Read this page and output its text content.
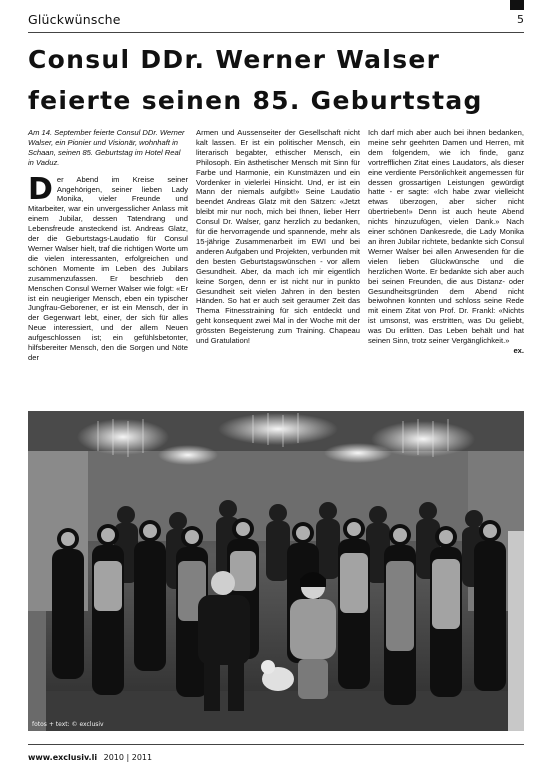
Glückwünsche	5
Consul DDr. Werner Walser
feierte seinen 85. Geburtstag

Am 14. September feierte Consul DDr. Werner Walser, ein Pionier und Visionär, wohnhaft in Schaan, seinen 85. Geburtstag im Hotel Real in Vaduz.

D er Abend im Kreise seiner Angehörigen, seiner lieben Lady Monika, vieler Freunde und Mitarbeiter, war ein unvergesslicher Anlass mit einem Jubilar, dessen Tatendrang und Lebensfreude ansteckend ist. Andreas Glatz, der die Geburtstags-Laudatio für Consul Werner Walser hielt, traf die richtigen Worte um die vielen interessanten, erfolgreichen und schönen Momente im Leben des Jubilars zusammenzufassen. Er beschrieb den Menschen Consul Werner Walser wie folgt: «Er ist ein neugieriger Mensch, eben ein typischer Jungfrau-Geborener, er ist ein Mensch, der in der Gegenwart lebt, einer, der sich für alles Neue interessiert, und der allem Neuen aufgeschlossen ist; ein gefühlsbetonter, hilfsbereiter Mensch, den die Sorgen und Nöte der

Armen und Aussenseiter der Gesellschaft nicht kalt lassen. Er ist ein politischer Mensch, ein literarisch begabter, ethischer Mensch, ein Philosoph. Ein ästhetischer Mensch mit Sinn für Farbe und Harmonie, ein Kunstmäzen und ein Vordenker in vielerlei Hinsicht. Und, er ist ein Mann der niemals aufgibt!» Seine Laudatio beendet Andreas Glatz mit den Sätzen: «Jetzt bleibt mir nur noch, mich bei Ihnen, lieber Herr Consul Dr. Walser, ganz herzlich zu bedanken, für die hervorragende und spannende, mehr als 15-jährige Zusammenarbeit im EWI und bei anderen Aufgaben und Projekten, verbunden mit den besten Geburtstagswünschen - vor allem Gesundheit. Aber, da mach ich mir eigentlich keine Sorgen, denn er ist nicht nur in punkto Gesundheit seit vielen Jahren in den besten Händen. So hat er auch seit geraumer Zeit das Thema Fitnesstraining für sich entdeckt und geht konsequent zwei Mal in der Woche mit der grössten Begeisterung zum Training. Chapeau und Gratulation!

Ich darf mich aber auch bei ihnen bedanken, meine sehr geehrten Damen und Herren, mit dem folgendem, wie ich finde, ganz vortrefflichen Zitat eines Laudators, als dieser eine verdiente Persönlichkeit angemessen für dessen grossartigen Leistungen gewürdigt hatte - er sagte: «Ich habe zwar vielleicht etwas überzogen, aber sicher nicht übertrieben!» Denn ist auch heute Abend nichts hinzuzufügen, vielen Dank.» Nach einer schönen Dankesrede, die Lady Monika an ihren Jubilar richtete, bedankte sich Consul Werner Walser bei allen Anwesenden für die vielen lieben Glückwünsche und die herzlichen Worte. Er bedankte sich aber auch bei seinen Freunden, die aus Distanz- oder Gesundheitsgründen dem Abend nicht beiwohnen konnten und schloss seine Rede mit einem Zitat von Prof. Dr. Frankl: «Nichts ist umsonst, was erstritten, was Du geliebt, was Du erlitten. Das Leben behält und hat seinen Sinn, trotz seiner Vergänglichkeit.»

ex.

fotos + text: © exclusiv
www.exclusiv.li 2010 | 2011
